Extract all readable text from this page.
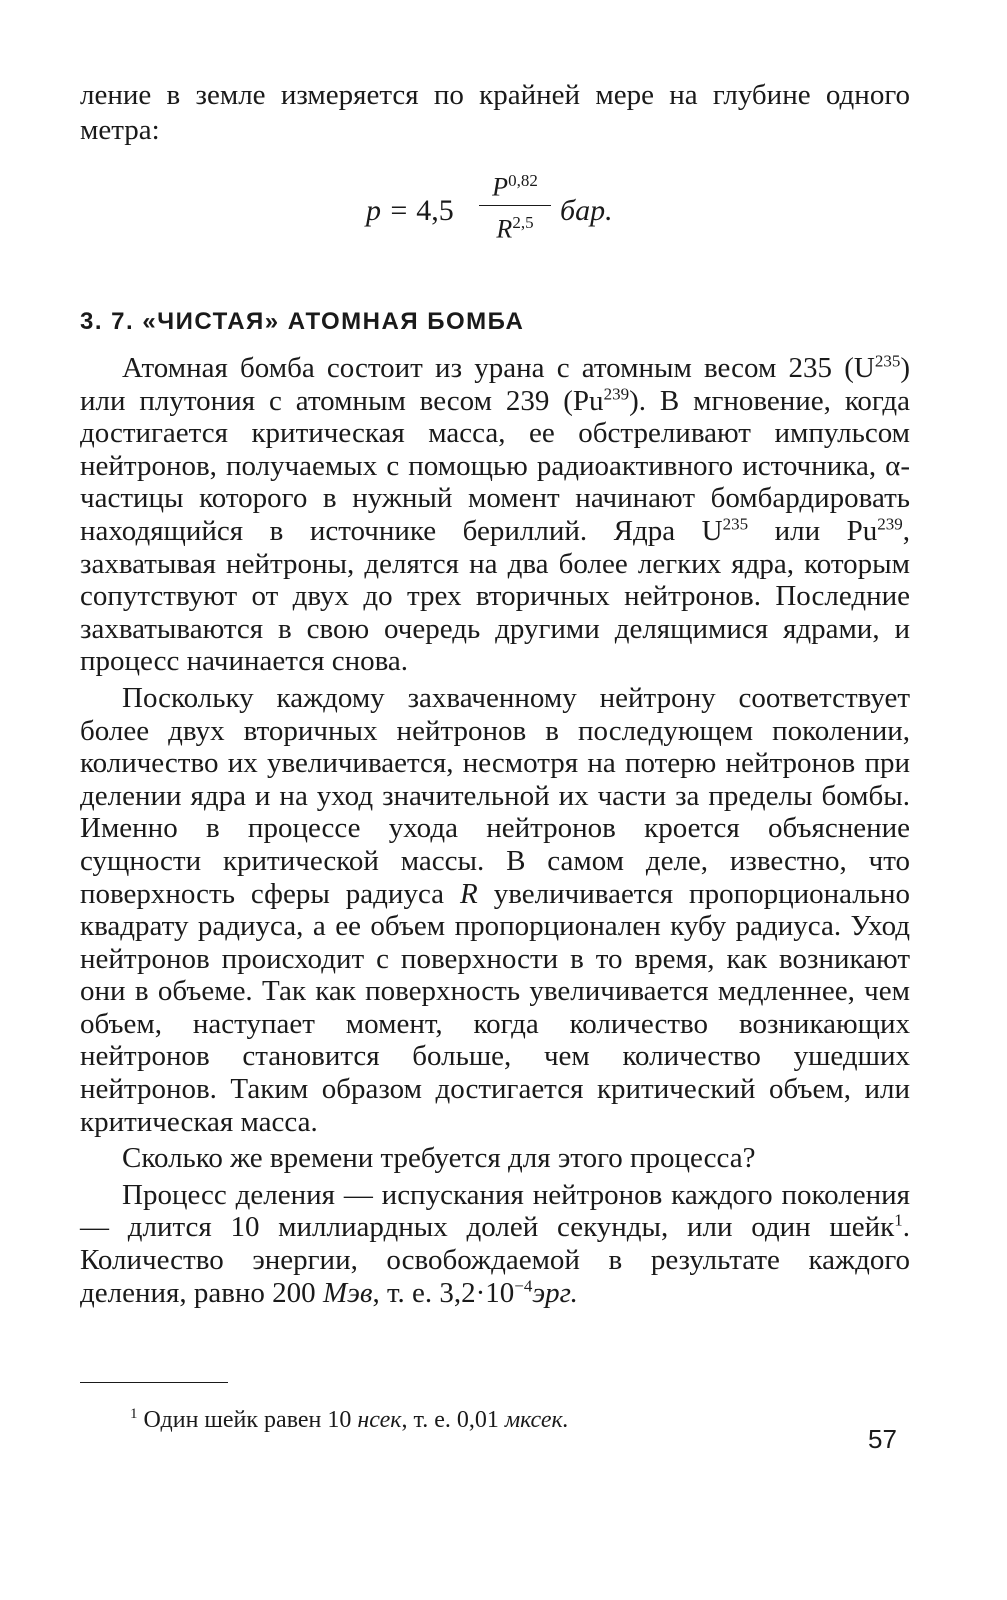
ление в земле измеряется по крайней мере на глубине одного метра:

p = 4,5
P$^{0,82}$
R$^{2,5}$ бар.
3. 7. «ЧИСТАЯ» АТОМНАЯ БОМБА

Атомная бомба состоит из урана с атомным весом 235 $(U^{235})$ или плутония с атомным весом 239 (Pu$^{239}$). В мгновение, когда достигается критическая масса, ее обстреливают импульсом нейтронов, получаемых с помощью радиоактивного источника, α-частицы которого в нужный момент начинают бомбардировать находящийся в источнике бериллий. Ядра $U^{235}$ или Pu$^{239}$, захватывая нейтроны, делятся на два более легких ядра, которым сопутствуют от двух до трех вторичных нейтронов. Последние захватываются в свою очередь другими делящимися ядрами, и процесс начинается снова.

Поскольку каждому захваченному нейтрону соответствует более двух вторичных нейтронов в последующем поколении, количество их увеличивается, несмотря на потерю нейтронов при делении ядра и на уход значительной их части за пределы бомбы. Именно в процессе ухода нейтронов кроется объяснение сущности критической массы. В самом деле, известно, что поверхность сферы радиуса R увеличивается пропорционально квадрату радиуса, а ее объем пропорционален кубу радиуса. Уход нейтронов происходит с поверхности в то время, как возникают они в объеме. Так как поверхность увеличивается медленнее, чем объем, наступает момент, когда количество возникающих нейтронов становится больше, чем количество ушедших нейтронов. Таким образом достигается критический объем, или критическая масса.

Сколько же времени требуется для этого процесса?

Процесс деления — испускания нейтронов каждого поколения — длится 10 миллиардных долей секунды, или один шейк$^1$. Количество энергии, освобождаемой в результате каждого деления, равно 200 Мэв, т. е. $3,2\cdot 10^{-4}эрг$.

$^1$ Один шейк равен 10 нсек, т. е. 0,01 мксек.
57
